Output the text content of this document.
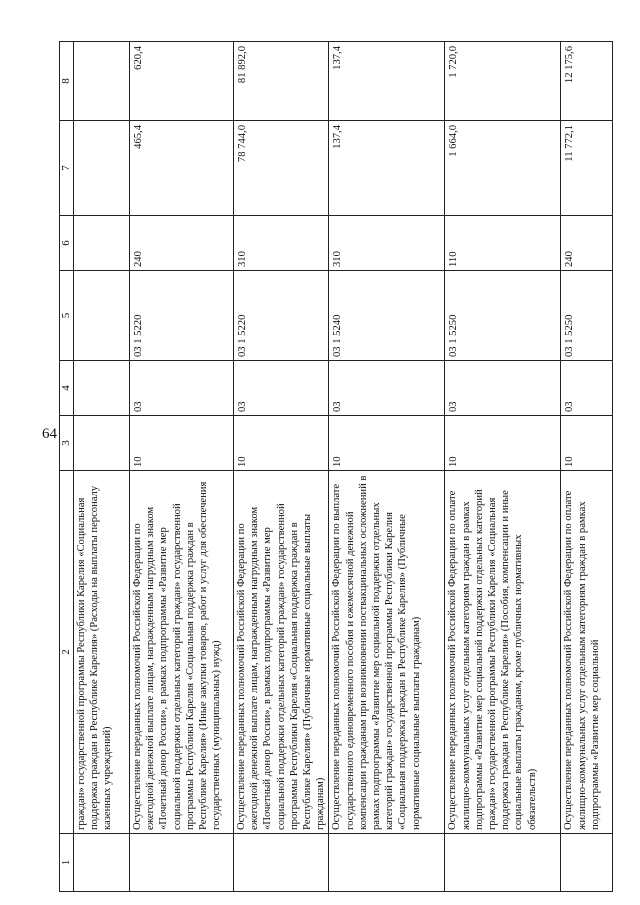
64
1	2	3	4	5	6	7	8
	граждан» государственной программы Республики Карелия «Социальная поддержка граждан в Республике Карелия» (Расходы на выплаты персоналу казенных учреждений)						
	Осуществление переданных полномочий Российской Федерации по ежегодной денежной выплате лицам, награжденным нагрудным знаком «Почетный донор России», в рамках подпрограммы «Развитие мер социальной поддержки отдельных категорий граждан» государственной программы Республики Карелия «Социальная поддержка граждан в Республике Карелия» (Иные закупки товаров, работ и услуг для обеспечения государственных (муниципальных) нужд)	10	03	03 1 5220	240	465,4	620,4
	Осуществление переданных полномочий Российской Федерации по ежегодной денежной выплате лицам, награжденным нагрудным знаком «Почетный донор России», в рамках подпрограммы «Развитие мер социальной поддержки отдельных категорий граждан» государственной программы Республики Карелия «Социальная поддержка граждан в Республике Карелия» (Публичные нормативные социальные выплаты гражданам)	10	03	03 1 5220	310	78 744,0	81 892,0
	Осуществление переданных полномочий Российской Федерации по выплате государственного единовременного пособия и ежемесячной денежной компенсации гражданам при возникновении поствакцинальных осложнений в рамках подпрограммы «Развитие мер социальной поддержки отдельных категорий граждан» государственной программы Республики Карелия «Социальная поддержка граждан в Республике Карелия» (Публичные нормативные социальные выплаты гражданам)	10	03	03 1 5240	310	137,4	137,4
	Осуществление переданных полномочий Российской Федерации по оплате жилищно-коммунальных услуг отдельным категориям граждан в рамках подпрограммы «Развитие мер социальной поддержки отдельных категорий граждан» государственной программы Республики Карелия «Социальная поддержка граждан в Республике Карелия» (Пособия, компенсации и иные социальные выплаты гражданам, кроме публичных нормативных обязательств)	10	03	03 1 5250	110	1 664,0	1 720,0
	Осуществление переданных полномочий Российской Федерации по оплате жилищно-коммунальных услуг отдельным категориям граждан в рамках подпрограммы «Развитие мер социальной	10	03	03 1 5250	240	11 772,1	12 175,6
